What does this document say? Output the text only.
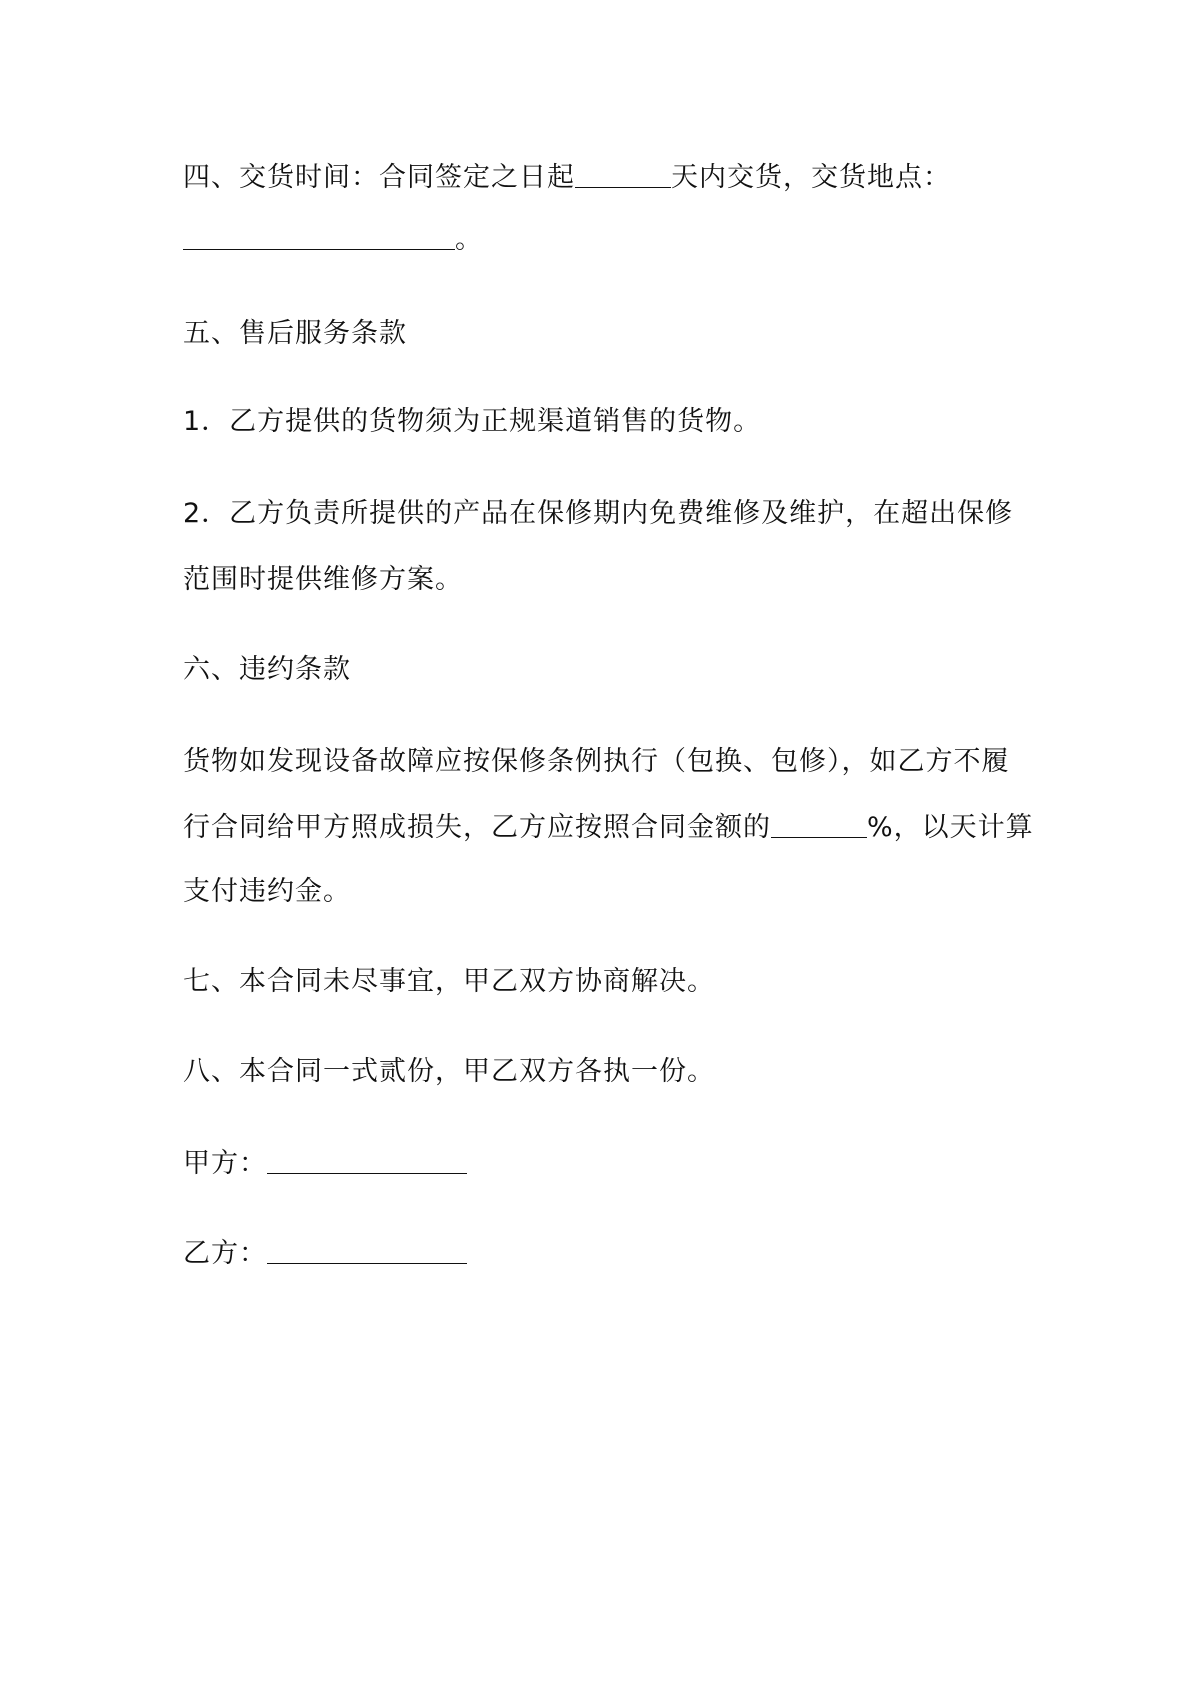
四、交货时间：合同签定之日起	天内交货，交货地点：
。
五、售后服务条款
1．乙方提供的货物须为正规渠道销售的货物。
2．乙方负责所提供的产品在保修期内免费维修及维护，在超出保修
范围时提供维修方案。
六、违约条款
货物如发现设备故障应按保修条例执行（包换、包修），如乙方不履
行合同给甲方照成损失，乙方应按照合同金额的	%，以天计算
支付违约金。
七、本合同未尽事宜，甲乙双方协商解决。
八、本合同一式贰份，甲乙双方各执一份。
甲方：
乙方：
